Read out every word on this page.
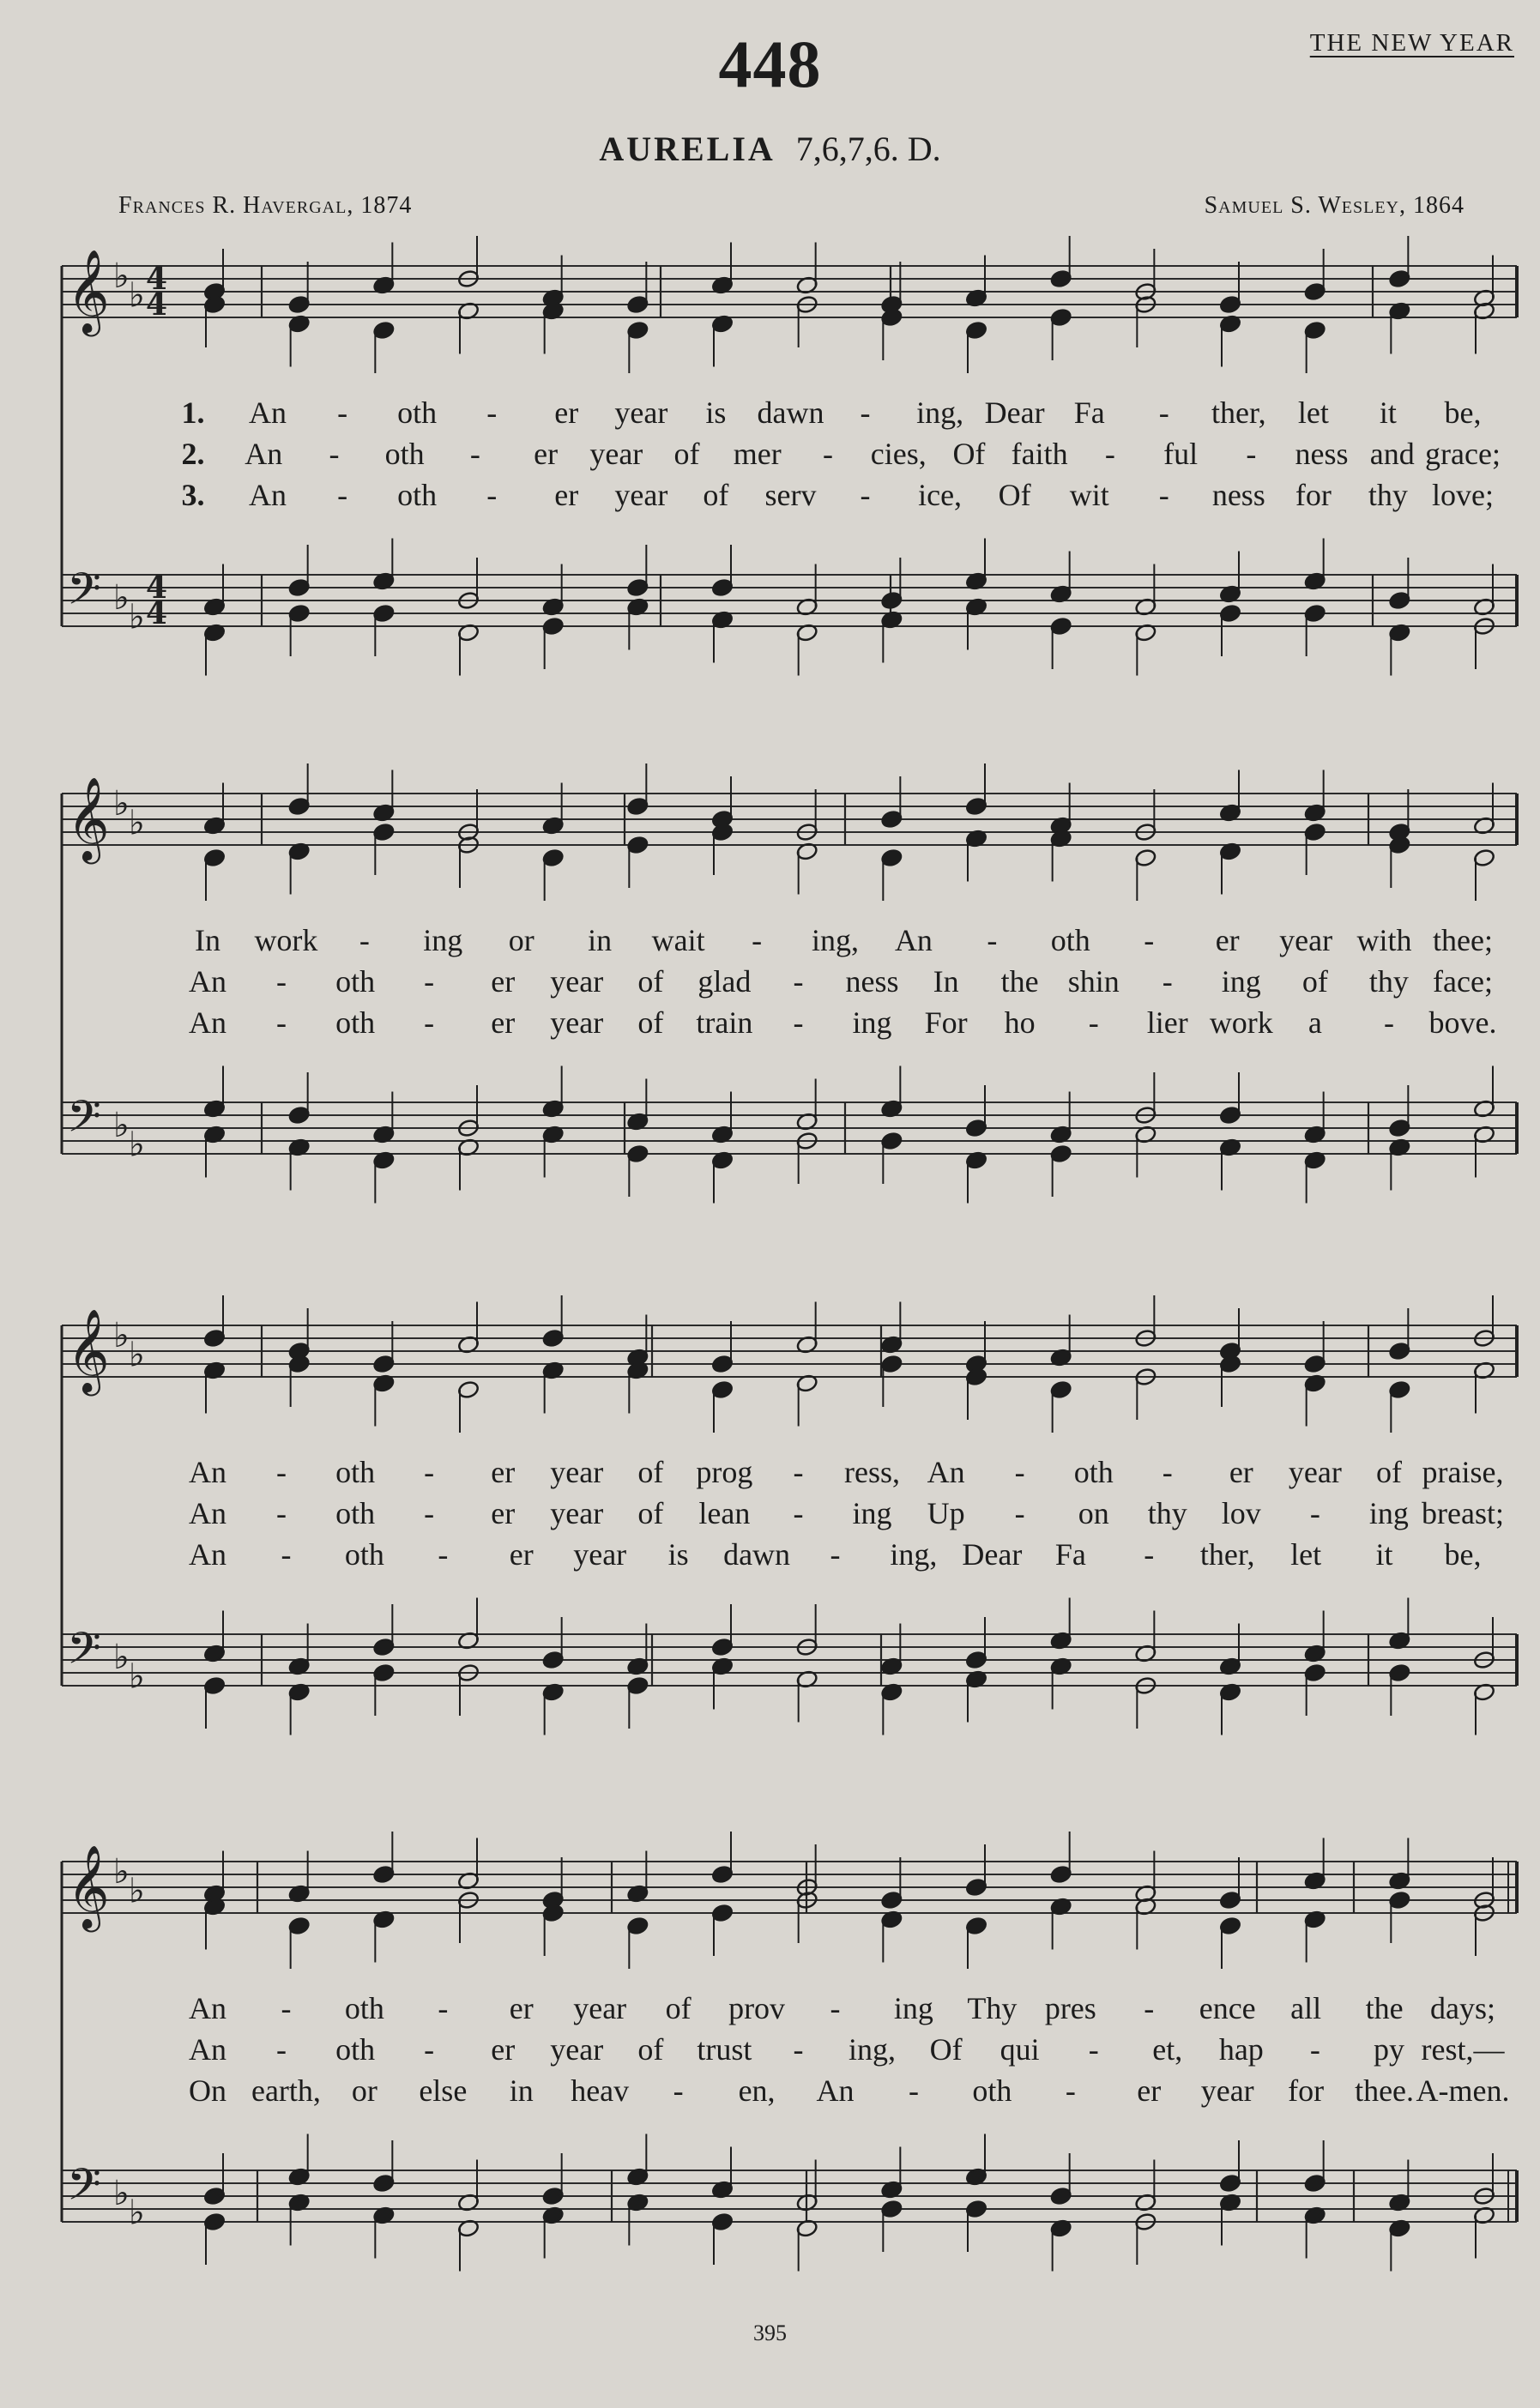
448	THE NEW YEAR
AURELIA 7,6,7,6. D.
Frances R. Havergal, 1874	Samuel S. Wesley, 1864
𝄞
𝄢
♭ ♭
♭ ♭
4
4
4
4
1. An - oth - er year is dawn - ing, Dear Fa - ther, let it be,
2. An - oth - er year of mer - cies, Of faith - ful - ness and grace;
3. An - oth - er year of serv - ice, Of wit - ness for thy love;
𝄞
𝄢
♭ ♭
♭ ♭
In work - ing or in wait - ing, An - oth - er year with thee;
An - oth - er year of glad - ness In the shin - ing of thy face;
An - oth - er year of train - ing For ho - lier work a - bove.
𝄞
𝄢
♭ ♭
♭ ♭
An - oth - er year of prog - ress, An - oth - er year of praise,
An - oth - er year of lean - ing Up - on thy lov - ing breast;
An - oth - er year is dawn - ing, Dear Fa - ther, let it be,
𝄞
𝄢
♭ ♭
♭ ♭
An - oth - er year of prov - ing Thy pres - ence all the days;
An - oth - er year of trust - ing, Of qui - et, hap - py rest,—
On earth, or else in heav - en, An - oth - er year for thee. A-men.
395
